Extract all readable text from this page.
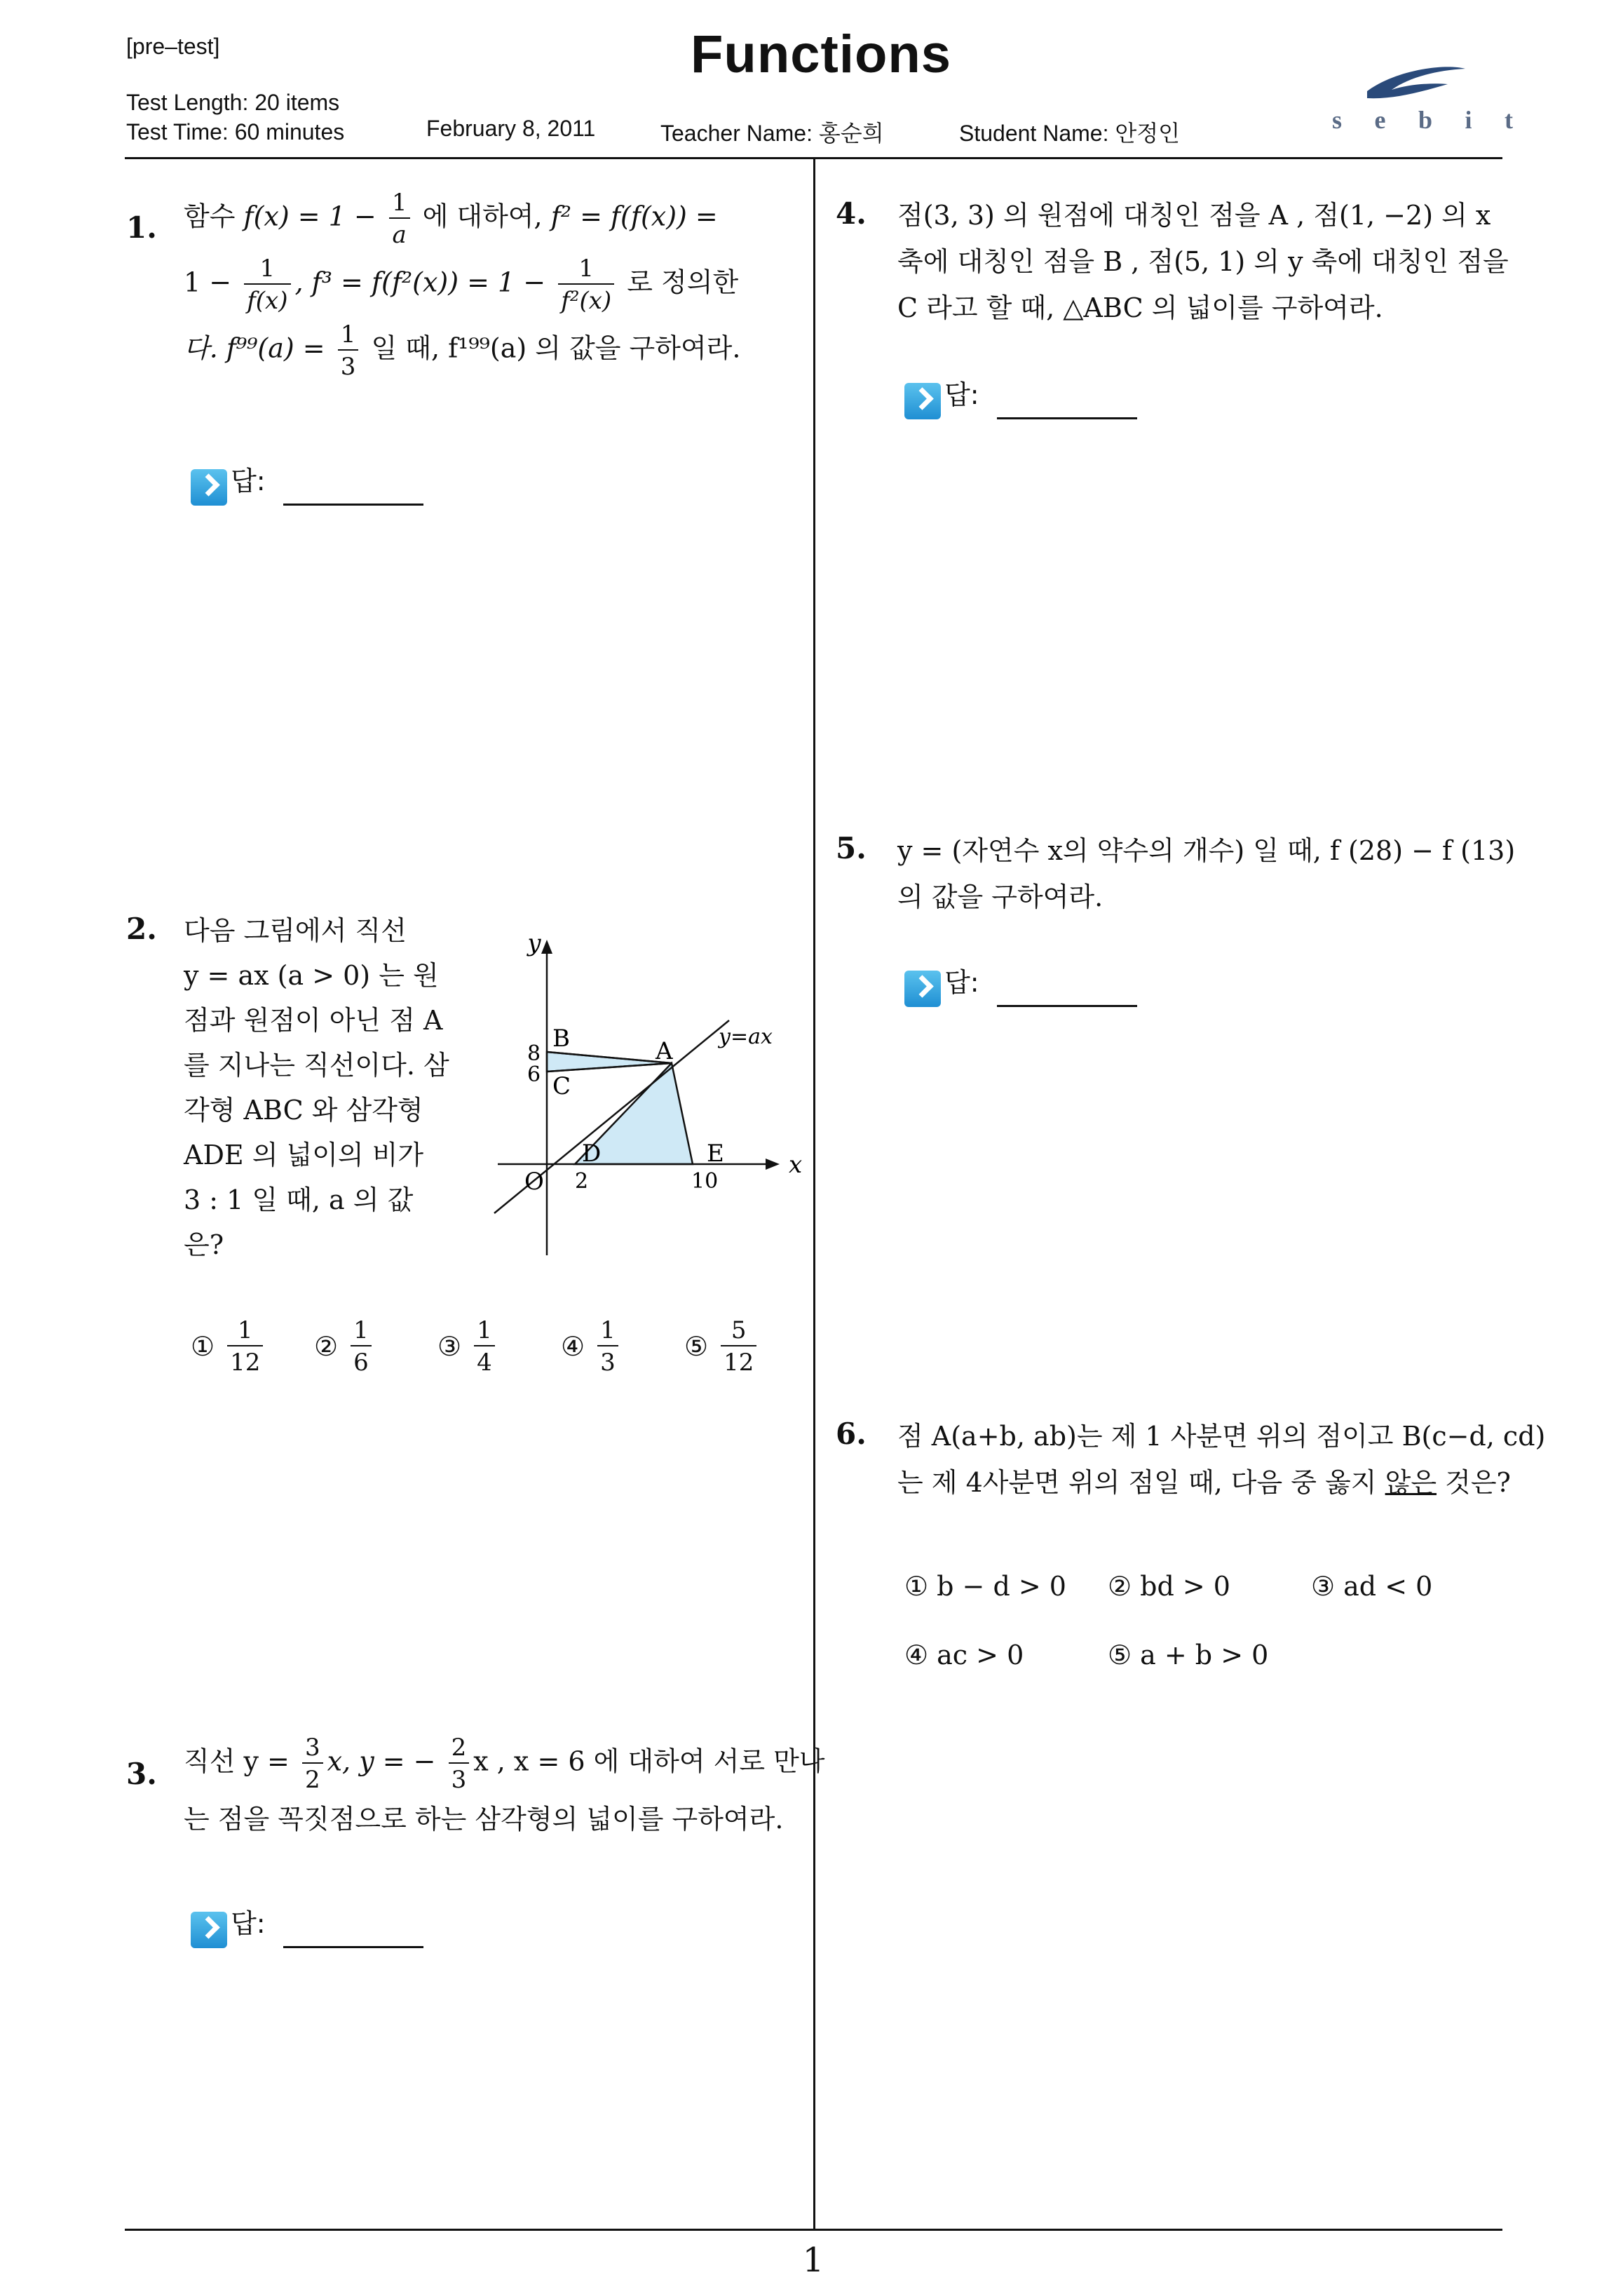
[pre–test]	Functions
Test Length: 20 items
Test Time: 60 minutes	February 8, 2011	Teacher Name: 홍순희	Student Name: 안정인	s e b i t
1. 함수 $f(x) = 1 - \frac{1}{a}$ 에 대하여, f² = f(f(x)) =
$1 - \frac{1}{f(x)}$ , $f^3 = f(f^2(x)) = 1 - \frac{1}{\text{f²(x)}}$ 로 정의한
다. $f^{99}(a) = \frac{1}{3}$ 일 때, f¹⁹⁹(a) 의 값을 구하여라.
답:
2. 다음 그림에서 직선
y = ax (a > 0) 는 원
점과 원점이 아닌 점 A
를 지나는 직선이다. 삼
각형 ABC 와 삼각형
ADE 의 넓이의 비가
3 : 1 일 때, a 의 값
은?
y
x
y=ax
B
C
A
D	E
O
8
6
2	10
① $\frac{1}{12}$ ② $\frac{1}{6}$ ③ $\frac{1}{4}$ ④ $\frac{1}{3}$ ⑤ $\frac{5}{12}$
3. 직선 $y = \frac{3}{2} x$, y = − $\frac{2}{3}$ x , x = 6 에 대하여 서로 만나
는 점을 꼭짓점으로 하는 삼각형의 넓이를 구하여라.
답:
4. 점(3, 3) 의 원점에 대칭인 점을 A , 점(1, −2) 의 x
축에 대칭인 점을 B , 점(5, 1) 의 y 축에 대칭인 점을
C 라고 할 때, △ABC 의 넓이를 구하여라.
답:
5. y = (자연수 x의 약수의 개수) 일 때, f (28) − f (13)
의 값을 구하여라.
답:
6. 점 A(a+b, ab)는 제 1 사분면 위의 점이고 B(c−d, cd)
는 제 4사분면 위의 점일 때, 다음 중 옳지 않은 것은?
① b − d > 0 ② bd > 0	③ ad < 0
④ ac > 0	⑤ a + b > 0
1
